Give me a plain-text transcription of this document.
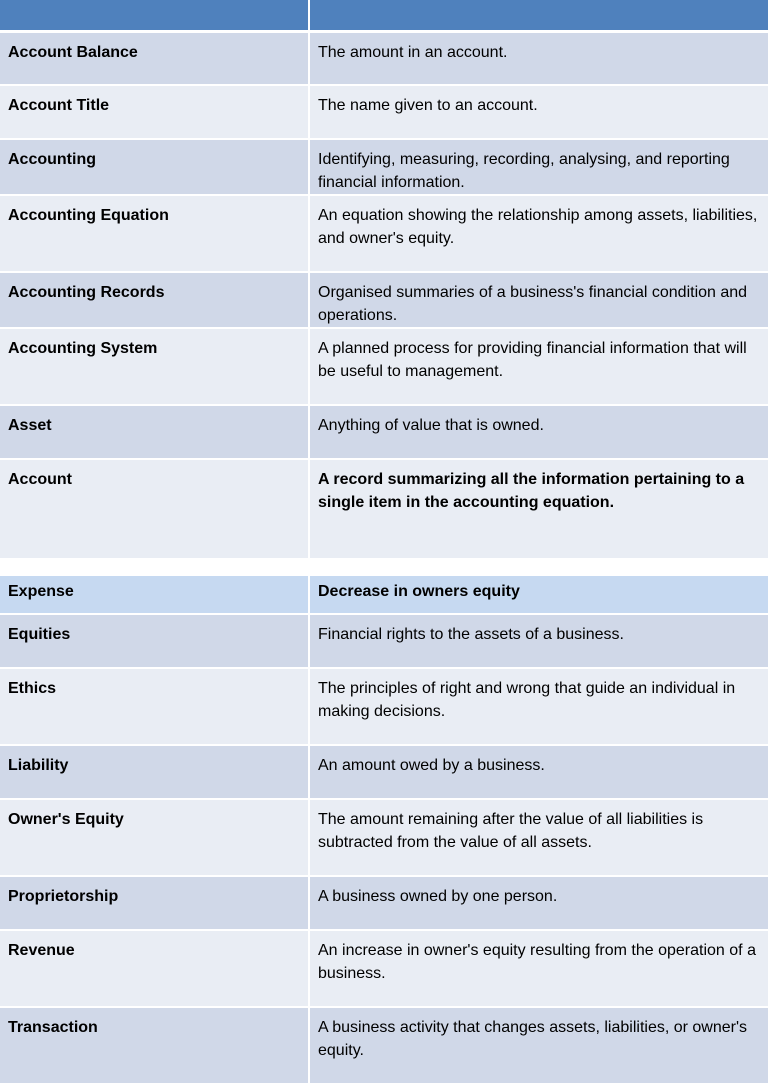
Account Balance	The amount in an account.
Account Title	The name given to an account.
Accounting	Identifying, measuring, recording, analysing, and reporting financial information.
Accounting Equation	An equation showing the relationship among assets, liabilities, and owner's equity.
Accounting Records	Organised summaries of a business's financial condition and operations.
Accounting System	A planned process for providing financial information that will be useful to management.
Asset	Anything of value that is owned.
Account	A record summarizing all the information pertaining to a single item in the accounting equation.
Expense	Decrease in owners equity
Equities	Financial rights to the assets of a business.
Ethics	The principles of right and wrong that guide an individual in making decisions.
Liability	An amount owed by a business.
Owner's Equity	The amount remaining after the value of all liabilities is subtracted from the value of all assets.
Proprietorship	A business owned by one person.
Revenue	An increase in owner's equity resulting from the operation of a business.
Transaction	A business activity that changes assets, liabilities, or owner's equity.
